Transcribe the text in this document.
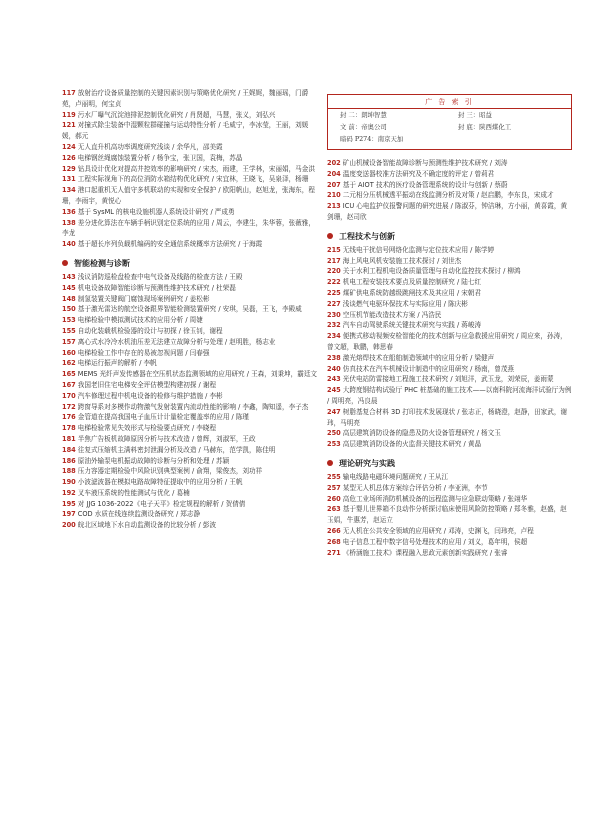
117 放射治疗设备质量控制的关键因素识别与策略优化研究 / 王娓娓，魏丽瑶，门爵苑，卢丽明，何宝贞
119 污水厂曝气沉淀池排泥控制优化研究 / 肖贤超，马慧，张义，刘弘兴
121 对撞式除尘装备中湿颗粒群碰撞与运动特性分析 / 毛威宁，李冰莹，王丽，刘媛媛，郝元
124 无人直升机高功率调度研究浅谈 / 余华凡，邵美霞
126 电梯钢丝绳腐蚀装置分析 / 杨争宝，张卫国，袁梅，苏晶
129 钻具设计优化对提高井控效率的影响研究 / 宋杰，雨建，王学林，宋丽娟，马金洪
131 工程实际视角下的高位消防水箱结构优化研究 / 宋宜林，王晓飞，吴泉泽，杨珊
134 港口起重机无人值守多机联动的实现和安全保护 / 欧阳帆山，赵旭龙，张海东，程珊，李雨宇，黄悦心
136 基于 SysML 的核电设施机器人系统设计研究 / 严成勇
138 差分进化算法在车辆手柄识别定位系统的应用 / 周云，李建生，朱华蓉，张薇雅，李龙
140 基于超长序列负载机编码的安全通信系统概率方法研究 / 于海霞
智能检测与诊断
143 浅议消防巡检盘检查中电气设备及线路的检查方法 / 王殿
145 机电设备故障智能诊断与预测性维护技术研究 / 杜荣磊
148 制氢装置关键阀门腐蚀现场案例研究 / 姜松彬
150 基于激光雷达的航空设备跟界智能检测装置研究 / 安琪，吴磊，王飞，李殿威
153 电梯检验中模拟测试技术的应用分析 / 周婕
155 自动化装载机检验器的设计与初探 / 徐玉钊，谢程
157 离心式水冷冷水机油压差无法建立故障分析与处理 / 赵明胜，杨志业
160 电梯检验工作中存在的易被忽视问题 / 闫春强
162 电梯运行振声的解析 / 李帆
165 MEMS 光纤声发传感器在空压机状态监测领域的应用研究 / 王森，刘秉坤，霸廷文
167 我国老旧住宅电梯安全评估模型构建初探 / 谢程
170 汽车修理过程中机电设备的检修与维护措施 / 李彬
172 跨窗导系对多模作动物激气发射装置内流动性能的影响 / 李鑫，陶知遥，李子杰
176 金管道在提高我国电子血压计计量检定覆盖率的应用 / 陈瑾
178 电梯检验常见失效形式与检验要点研究 / 李晓程
181 半焦广告板机故障原因分析与技术改造 / 曾辉，刘淑军，王政
184 往复式压缩机主满料密封泄漏分析及改造 / 马赫东，范学凯，陈佳明
186 原油外输泵电机振动故障的诊断与分析和处理 / 苏颖
188 压力容器定期检验中风险识别典型案例 / 俞翔，梁俊杰，刘功祥
190 小波滤波器在模拟电路故障特征提取中的应用分析 / 王帆
192 叉车液压系统的性能测试与优化 / 葛楠
195 对 JJG 1036-2022《电子天平》检定规程的解析 / 贺倩倩
197 COD 水质在线连续监测设备研究 / 郑志静
200 皖北区域地下水自动监测设备的比较分析 / 彭波
广 告 索 引
封 二：朗坤智慧	封 三：昭益
文 前：帝奥公司	封 底：陕西煤化工
暗码 P274：南京天加
202 矿山机械设备智能故障诊断与预测性维护技术研究 / 刘涛
204 温度变送器校准方法研究及不确定度的评定 / 曾莉君
207 基于 AIOT 技术的医疗设备管理系统的设计与创新 / 蔡蔚
210 二元相分压机械透平振动在线监测分析及对策 / 赵启鹏，李东良，宋成才
213 ICU 心电监护仪报警问题的研究进展 / 陈淑芬，钟洁琳，方小丽，黄喜霞，黄剑珊，赵司欣
工程技术与创新
215 无线电干扰信号网络化监测与定位技术应用 / 陈学婷
217 海上风电风机安装施工技术探讨 / 刘世杰
220 关于水利工程机电设备质量管理与自动化监控技术探讨 / 柳鸿
222 机电工程安装技术要点及质量控制研究 / 陆七红
225 煤矿供电系统防越级跳闸技术及其应用 / 宋朝君
227 浅谈燃气电驱环保技术与实际应用 / 陈庆彬
230 空压机节能改造技术方案 / 冯浩民
232 汽车自动驾驶系统关键技术研究与实践 / 蒋峻涛
234 便携式移动视频安检智能化的技术创新与应急救援应用研究 / 周应来，孙涛，曾文超，耿鹏，韩思春
238 激光熔焊技术在船舶制造领域中的应用分析 / 梁健声
240 仿真技术在汽车机械设计制造中的应用研究 / 杨南，曾茂燕
243 光伏电站防雷接地工程施工技术研究 / 刘旭洋，武玉龙，刘荣辰，姜雨蒙
245 大跨度钢结构试验厅 PHC 桩基础的施工技术——以南科院河流海洋试验厅为例 / 周明亮，冯良晨
247 树脂基复合材料 3D 打印技术发展现状 / 张志正，杨晓澄，赵静，田家武，谢玮，马明亮
250 高层建筑消防设备的隐患及防火设备管理研究 / 杨文玉
253 高层建筑消防设备的火监督关键技术研究 / 黄晶
理论研究与实践
255 输电线路电磁环境问题研究 / 王从江
257 某型无人机总体方案综合评估分析 / 李亚洲，李节
260 高危工业场所消防机械设备的远程监测与应急联动策略 / 张翊华
263 基于婴儿世界箱不良动作分析探讨临床使用风险防控策略 / 郑冬雅，赵盛，赵玉娟，牛惠芳，赵运立
266 无人机在公共安全领域的应用研究 / 邓涛，史渊飞，闫玮亮，卢程
268 电子信息工程中数字信号处理技术的应用 / 刘义，葛年明，侯超
271 《桥涵施工技术》课程融入思政元素创新实践研究 / 张睿
